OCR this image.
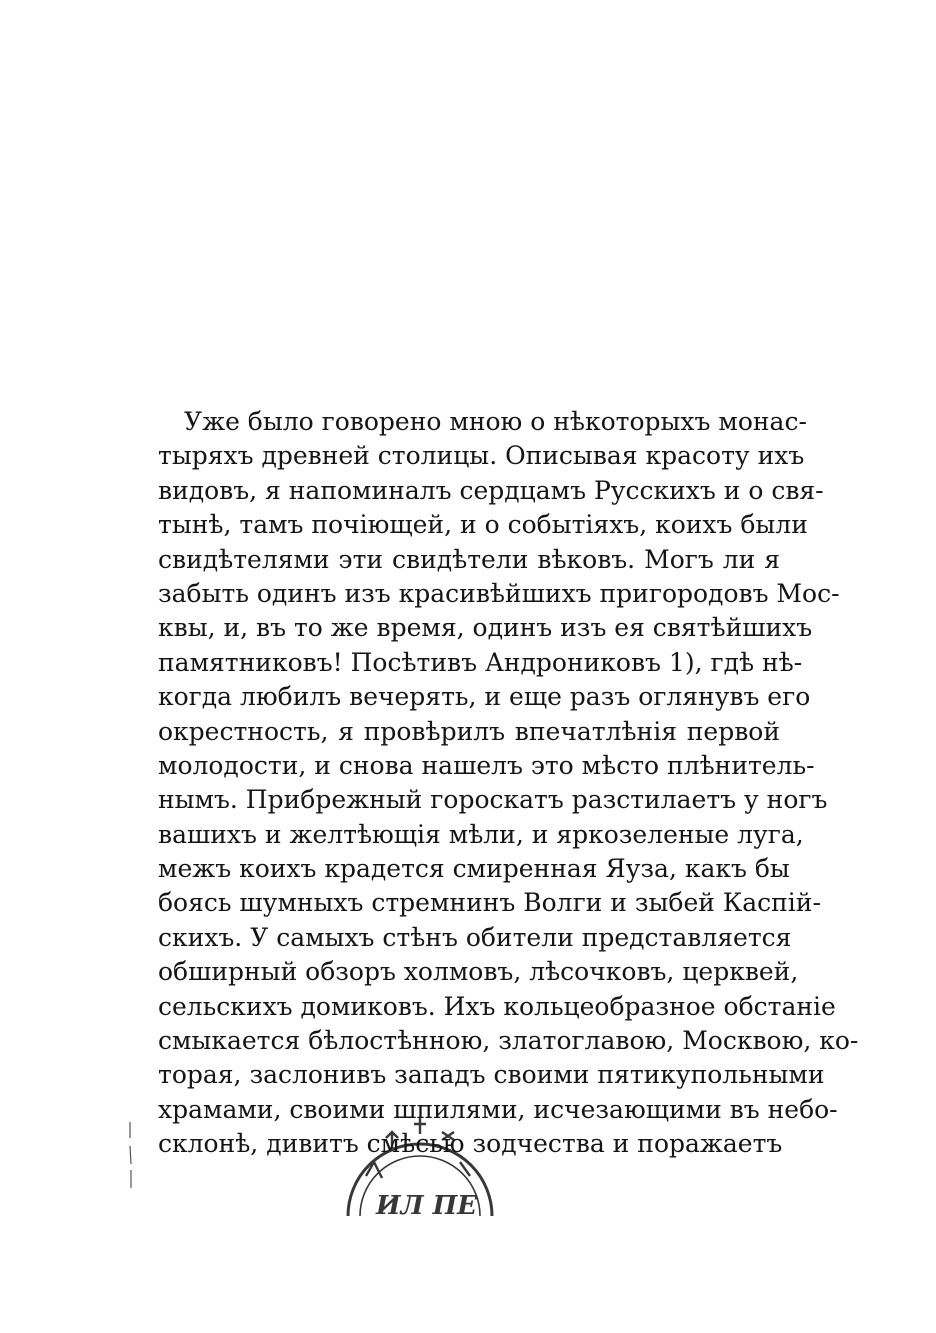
Уже было говорено мною о нѣкоторыхъ монас-
тыряхъ древней столицы. Описывая красоту ихъ
видовъ, я напоминалъ сердцамъ Русскихъ и о свя-
тынѣ, тамъ почіющей, и о событіяхъ, коихъ были
свидѣтелями эти свидѣтели вѣковъ. Могъ ли я
забыть одинъ изъ красивѣйшихъ пригородовъ Мос-
квы, и, въ то же время, одинъ изъ ея святѣйшихъ
памятниковъ! Посѣтивъ Андрониковъ 1), гдѣ нѣ-
когда любилъ вечерять, и еще разъ оглянувъ его
окрестность, я провѣрилъ впечатлѣнія первой
молодости, и снова нашелъ это мѣсто плѣнитель-
нымъ. Прибрежный гороскатъ разстилаетъ у ногъ
вашихъ и желтѣющія мѣли, и яркозеленые луга,
межъ коихъ крадется смиренная Яуза, какъ бы
боясь шумныхъ стремнинъ Волги и зыбей Каспій-
скихъ. У самыхъ стѣнъ обители представляется
обширный обзоръ холмовъ, лѣсочковъ, церквей,
сельскихъ домиковъ. Ихъ кольцеобразное обстаніе
смыкается бѣлостѣнною, златоглавою, Москвою, ко-
торая, заслонивъ западъ своими пятикупольными
храмами, своими шпилями, исчезающими въ небо-
склонѣ, дивитъ смѣсью зодчества и поражаетъ
ИЛ ПЕ
